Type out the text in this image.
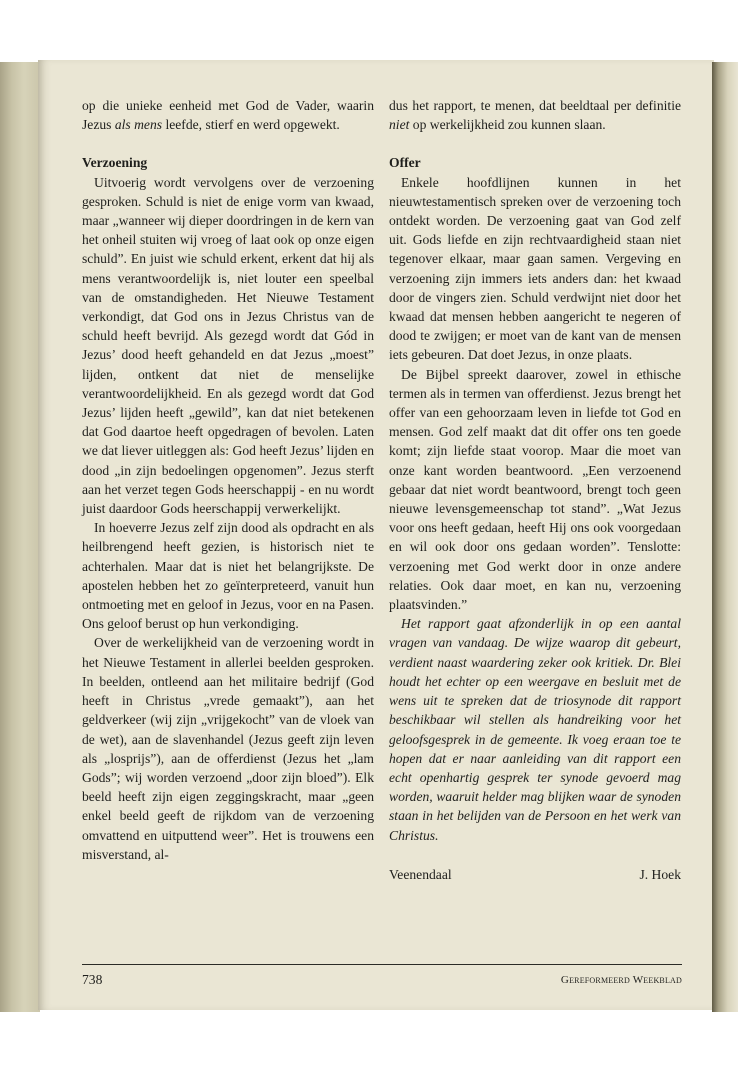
op die unieke eenheid met God de Vader, waarin Jezus als mens leefde, stierf en werd opgewekt.

Verzoening

Uitvoerig wordt vervolgens over de verzoening gesproken. Schuld is niet de enige vorm van kwaad, maar „wanneer wij dieper doordringen in de kern van het onheil stuiten wij vroeg of laat ook op onze eigen schuld”. En juist wie schuld erkent, erkent dat hij als mens verantwoordelijk is, niet louter een speelbal van de omstandigheden. Het Nieuwe Testament verkondigt, dat God ons in Jezus Christus van de schuld heeft bevrijd. Als gezegd wordt dat Gód in Jezus’ dood heeft gehandeld en dat Jezus „moest” lijden, ontkent dat niet de menselijke verantwoordelijkheid. En als gezegd wordt dat God Jezus’ lijden heeft „gewild”, kan dat niet betekenen dat God daartoe heeft opgedragen of bevolen. Laten we dat liever uitleggen als: God heeft Jezus’ lijden en dood „in zijn bedoelingen opgenomen”. Jezus sterft aan het verzet tegen Gods heerschappij - en nu wordt juist daardoor Gods heerschappij verwerkelijkt.

In hoeverre Jezus zelf zijn dood als opdracht en als heilbrengend heeft gezien, is historisch niet te achterhalen. Maar dat is niet het belangrijkste. De apostelen hebben het zo geïnterpreteerd, vanuit hun ontmoeting met en geloof in Jezus, voor en na Pasen. Ons geloof berust op hun verkondiging.

Over de werkelijkheid van de verzoening wordt in het Nieuwe Testament in allerlei beelden gesproken. In beelden, ontleend aan het militaire bedrijf (God heeft in Christus „vrede gemaakt”), aan het geldverkeer (wij zijn „vrijgekocht” van de vloek van de wet), aan de slavenhandel (Jezus geeft zijn leven als „losprijs”), aan de offerdienst (Jezus het „lam Gods”; wij worden verzoend „door zijn bloed”). Elk beeld heeft zijn eigen zeggingskracht, maar „geen enkel beeld geeft de rijkdom van de verzoening omvattend en uitputtend weer”. Het is trouwens een misverstand, al-

dus het rapport, te menen, dat beeldtaal per definitie niet op werkelijkheid zou kunnen slaan.

Offer

Enkele hoofdlijnen kunnen in het nieuwtestamentisch spreken over de verzoening toch ontdekt worden. De verzoening gaat van God zelf uit. Gods liefde en zijn rechtvaardigheid staan niet tegenover elkaar, maar gaan samen. Vergeving en verzoening zijn immers iets anders dan: het kwaad door de vingers zien. Schuld verdwijnt niet door het kwaad dat mensen hebben aangericht te negeren of dood te zwijgen; er moet van de kant van de mensen iets gebeuren. Dat doet Jezus, in onze plaats.

De Bijbel spreekt daarover, zowel in ethische termen als in termen van offerdienst. Jezus brengt het offer van een gehoorzaam leven in liefde tot God en mensen. God zelf maakt dat dit offer ons ten goede komt; zijn liefde staat voorop. Maar die moet van onze kant worden beantwoord. „Een verzoenend gebaar dat niet wordt beantwoord, brengt toch geen nieuwe levensgemeenschap tot stand”. „Wat Jezus voor ons heeft gedaan, heeft Hij ons ook voorgedaan en wil ook door ons gedaan worden”. Tenslotte: verzoening met God werkt door in onze andere relaties. Ook daar moet, en kan nu, verzoening plaatsvinden.”

Het rapport gaat afzonderlijk in op een aantal vragen van vandaag. De wijze waarop dit gebeurt, verdient naast waardering zeker ook kritiek. Dr. Blei houdt het echter op een weergave en besluit met de wens uit te spreken dat de triosynode dit rapport beschikbaar wil stellen als handreiking voor het geloofsgesprek in de gemeente. Ik voeg eraan toe te hopen dat er naar aanleiding van dit rapport een echt openhartig gesprek ter synode gevoerd mag worden, waaruit helder mag blijken waar de synoden staan in het belijden van de Persoon en het werk van Christus.

Veenendaal	J. Hoek
738	Gereformeerd Weekblad
